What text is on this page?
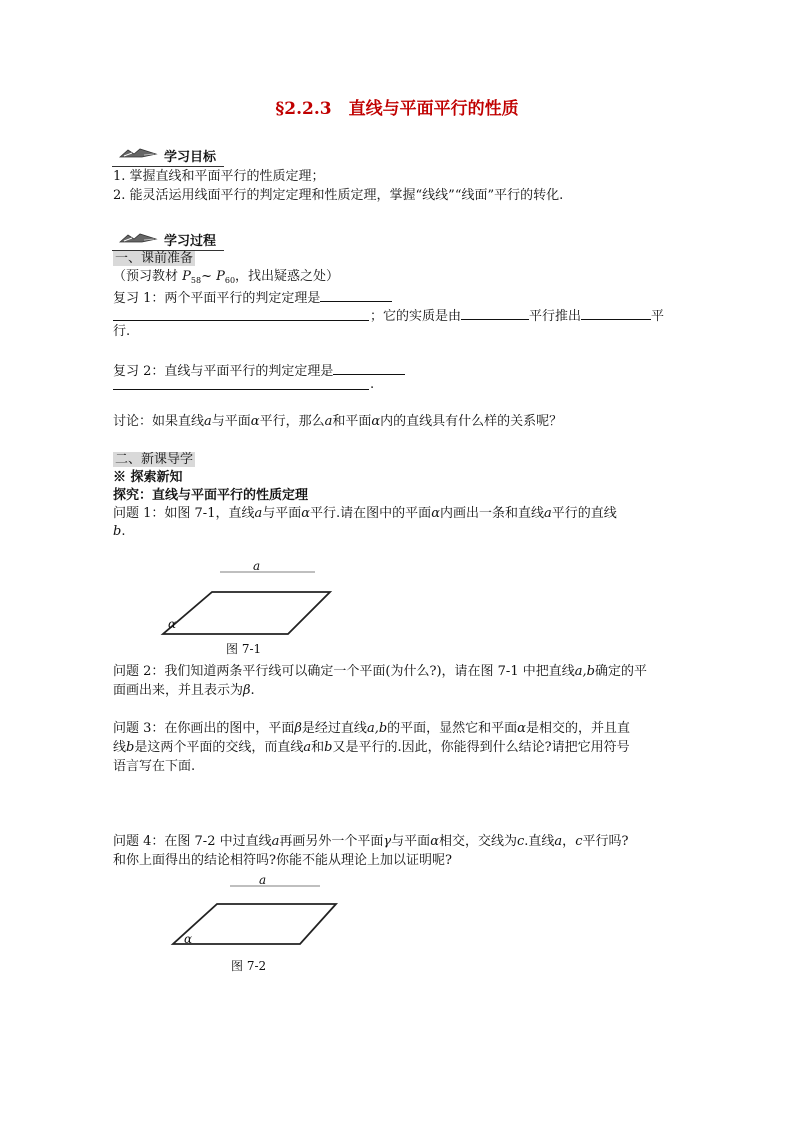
§2.2.3　直线与平面平行的性质
学习目标
1. 掌握直线和平面平行的性质定理；
2. 能灵活运用线面平行的判定定理和性质定理，掌握“线线”“线面”平行的转化.
学习过程
一、课前准备
（预习教材 $P_{58}\sim$ $P_{60}$，找出疑惑之处）
复习 1：两个平面平行的判定定理是
；它的实质是由	平行推出	平
行.
复习 2：直线与平面平行的判定定理是
.
讨论：如果直线a与平面α平行，那么a和平面α内的直线具有什么样的关系呢？
二、新课导学
※ 探索新知
探究：直线与平面平行的性质定理
问题 1：如图 7-1，直线a与平面α平行.请在图中的平面α内画出一条和直线a平行的直线
b.
a
α
图 7-1
问题 2：我们知道两条平行线可以确定一个平面(为什么?)，请在图 7-1 中把直线a,b确定的平
面画出来，并且表示为β.
问题 3：在你画出的图中，平面β是经过直线a,b的平面，显然它和平面α是相交的，并且直
线b是这两个平面的交线，而直线a和b又是平行的.因此，你能得到什么结论?请把它用符号
语言写在下面.
问题 4：在图 7-2 中过直线a再画另外一个平面γ与平面α相交，交线为c.直线a，c平行吗?
和你上面得出的结论相符吗?你能不能从理论上加以证明呢?
a
α
图 7-2
